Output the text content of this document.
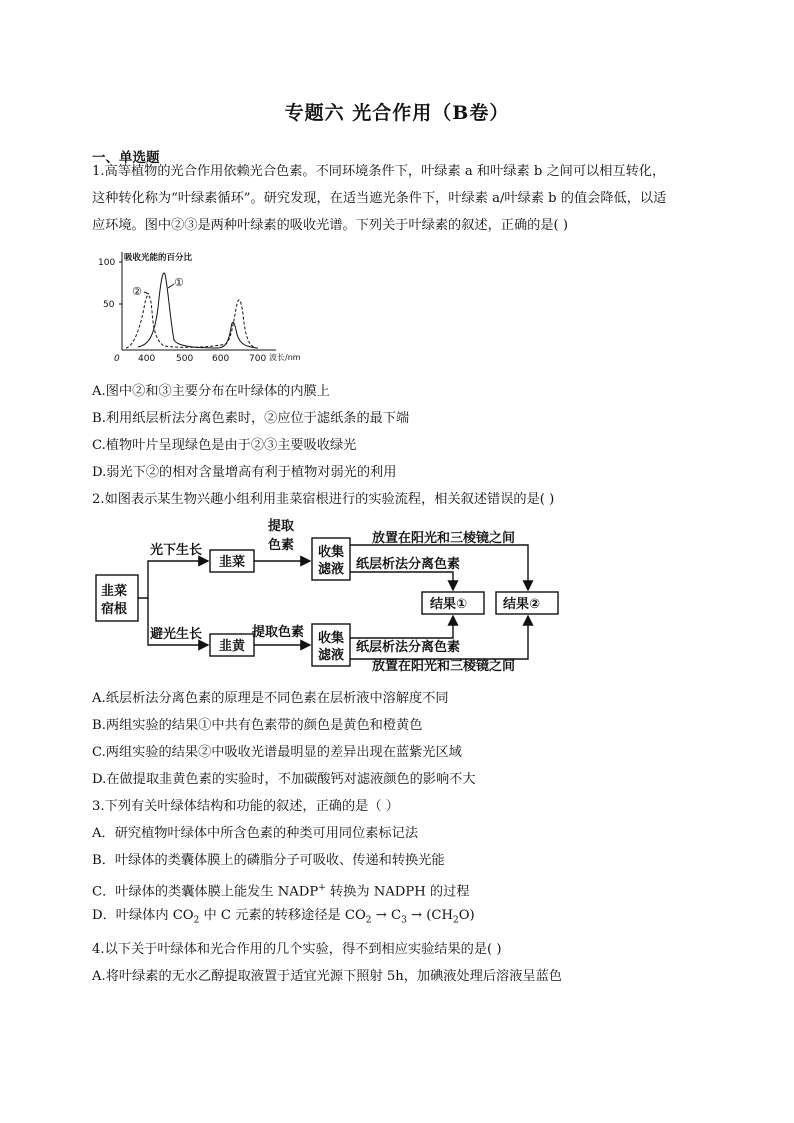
专题六 光合作用（B卷）
一、单选题
1.高等植物的光合作用依赖光合色素。不同环境条件下，叶绿素 a 和叶绿素 b 之间可以相互转化，
这种转化称为“叶绿素循环”。研究发现，在适当遮光条件下，叶绿素 a/叶绿素 b 的值会降低，以适
应环境。图中②③是两种叶绿素的吸收光谱。下列关于叶绿素的叙述，正确的是( )
吸收光能的百分比
100
50
0 400 500 600 700 波长/nm
①
②
A.图中②和③主要分布在叶绿体的内膜上
B.利用纸层析法分离色素时，②应位于滤纸条的最下端
C.植物叶片呈现绿色是由于②③主要吸收绿光
D.弱光下②的相对含量增高有利于植物对弱光的利用
2.如图表示某生物兴趣小组利用韭菜宿根进行的实验流程，相关叙述错误的是( )
韭菜
宿根
光下生长
避光生长
韭菜
韭黄
提取
色素
提取色素
收集
滤液
收集
滤液
放置在阳光和三棱镜之间
纸层析法分离色素
纸层析法分离色素
放置在阳光和三棱镜之间
结果①	结果②
A.纸层析法分离色素的原理是不同色素在层析液中溶解度不同
B.两组实验的结果①中共有色素带的颜色是黄色和橙黄色
C.两组实验的结果②中吸收光谱最明显的差异出现在蓝紫光区域
D.在做提取韭黄色素的实验时，不加碳酸钙对滤液颜色的影响不大
3.下列有关叶绿体结构和功能的叙述，正确的是（ ）
A．研究植物叶绿体中所含色素的种类可用同位素标记法
B．叶绿体的类囊体膜上的磷脂分子可吸收、传递和转换光能
C．叶绿体的类囊体膜上能发生 NADP+ 转换为 NADPH 的过程
D．叶绿体内 $CO_2$ 中 C 元素的转移途径是 $CO_2 \to C_3 \to (CH_2O)$
4.以下关于叶绿体和光合作用的几个实验，得不到相应实验结果的是( )
A.将叶绿素的无水乙醇提取液置于适宜光源下照射 5h，加碘液处理后溶液呈蓝色
